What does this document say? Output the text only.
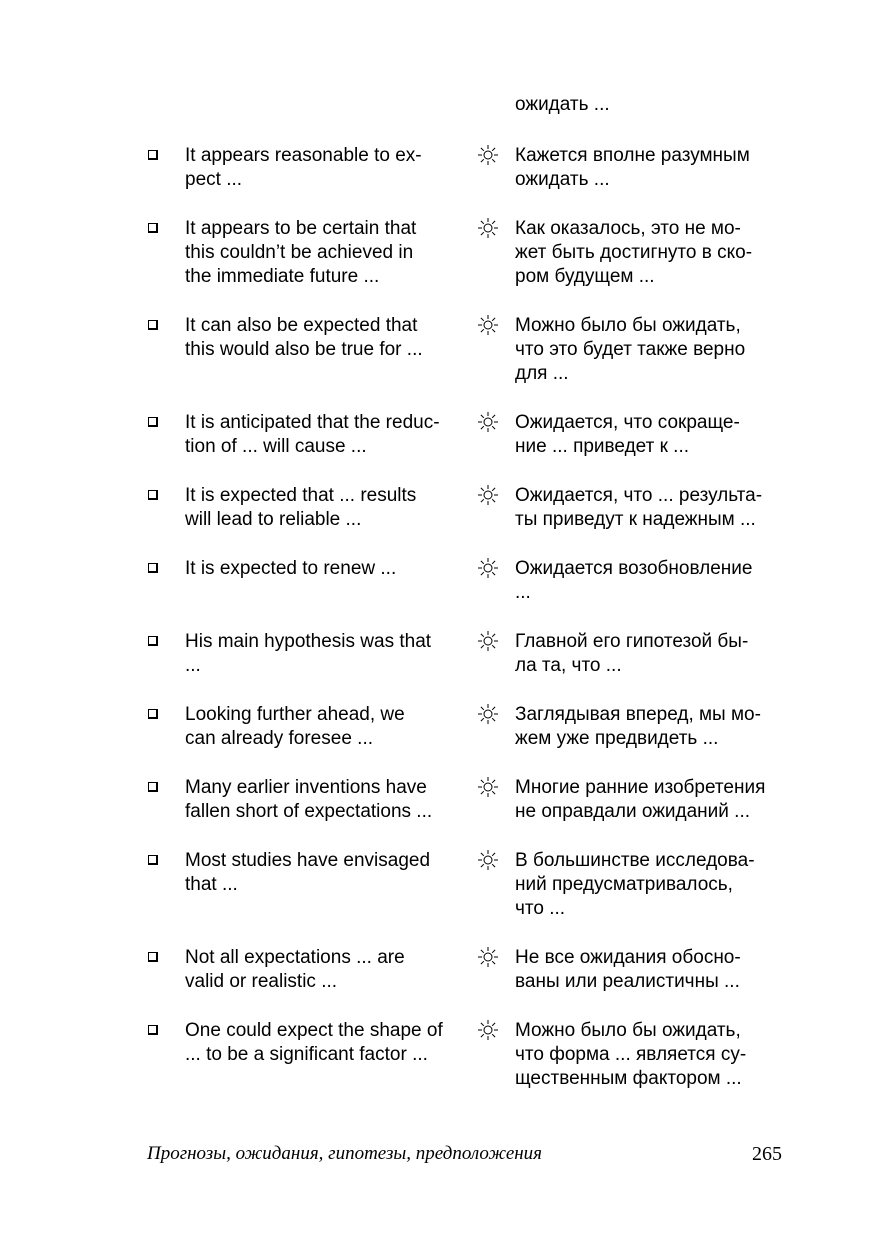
ожидать ...
It appears reasonable to ex-
pect ...
Кажется вполне разумным
ожидать ...
It appears to be certain that
this couldn’t be achieved in
the immediate future ...
Как оказалось, это не мо-
жет быть достигнуто в ско-
ром будущем ...
It can also be expected that
this would also be true for ...
Можно было бы ожидать,
что это будет также верно
для ...
It is anticipated that the reduc-
tion of ... will cause ...
Ожидается, что сокраще-
ние ... приведет к ...
It is expected that ... results
will lead to reliable ...
Ожидается, что ... результа-
ты приведут к надежным ...
It is expected to renew ...	Ожидается возобновление
...
His main hypothesis was that
...
Главной его гипотезой бы-
ла та, что ...
Looking further ahead, we
can already foresee ...
Заглядывая вперед, мы мо-
жем уже предвидеть ...
Many earlier inventions have
fallen short of expectations ...
Многие ранние изобретения
не оправдали ожиданий ...
Most studies have envisaged
that ...
В большинстве исследова-
ний предусматривалось,
что ...
Not all expectations ... are
valid or realistic ...
Не все ожидания обосно-
ваны или реалистичны ...
One could expect the shape of
... to be a significant factor ...
Можно было бы ожидать,
что форма ... является су-
щественным фактором ...
Прогнозы, ожидания, гипотезы, предположения	265
